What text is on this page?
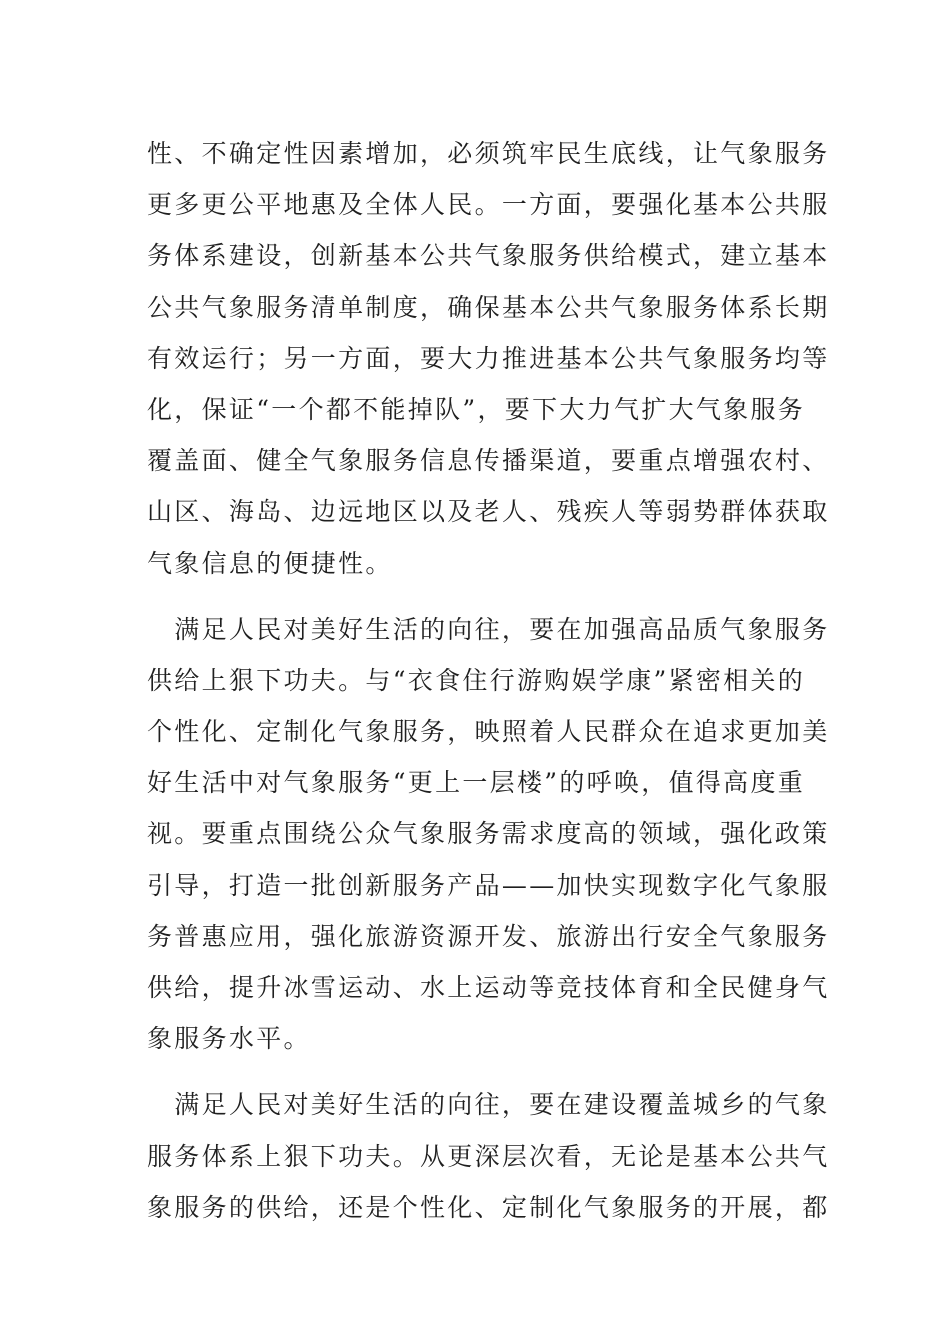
性、不确定性因素增加，必须筑牢民生底线，让气象服务
更多更公平地惠及全体人民。一方面，要强化基本公共服
务体系建设，创新基本公共气象服务供给模式，建立基本
公共气象服务清单制度，确保基本公共气象服务体系长期
有效运行；另一方面，要大力推进基本公共气象服务均等
化，保证“一个都不能掉队”，要下大力气扩大气象服务
覆盖面、健全气象服务信息传播渠道，要重点增强农村、
山区、海岛、边远地区以及老人、残疾人等弱势群体获取
气象信息的便捷性。
　满足人民对美好生活的向往，要在加强高品质气象服务
供给上狠下功夫。与“衣食住行游购娱学康”紧密相关的
个性化、定制化气象服务，映照着人民群众在追求更加美
好生活中对气象服务“更上一层楼”的呼唤，值得高度重
视。要重点围绕公众气象服务需求度高的领域，强化政策
引导，打造一批创新服务产品——加快实现数字化气象服
务普惠应用，强化旅游资源开发、旅游出行安全气象服务
供给，提升冰雪运动、水上运动等竞技体育和全民健身气
象服务水平。
　满足人民对美好生活的向往，要在建设覆盖城乡的气象
服务体系上狠下功夫。从更深层次看，无论是基本公共气
象服务的供给，还是个性化、定制化气象服务的开展，都
